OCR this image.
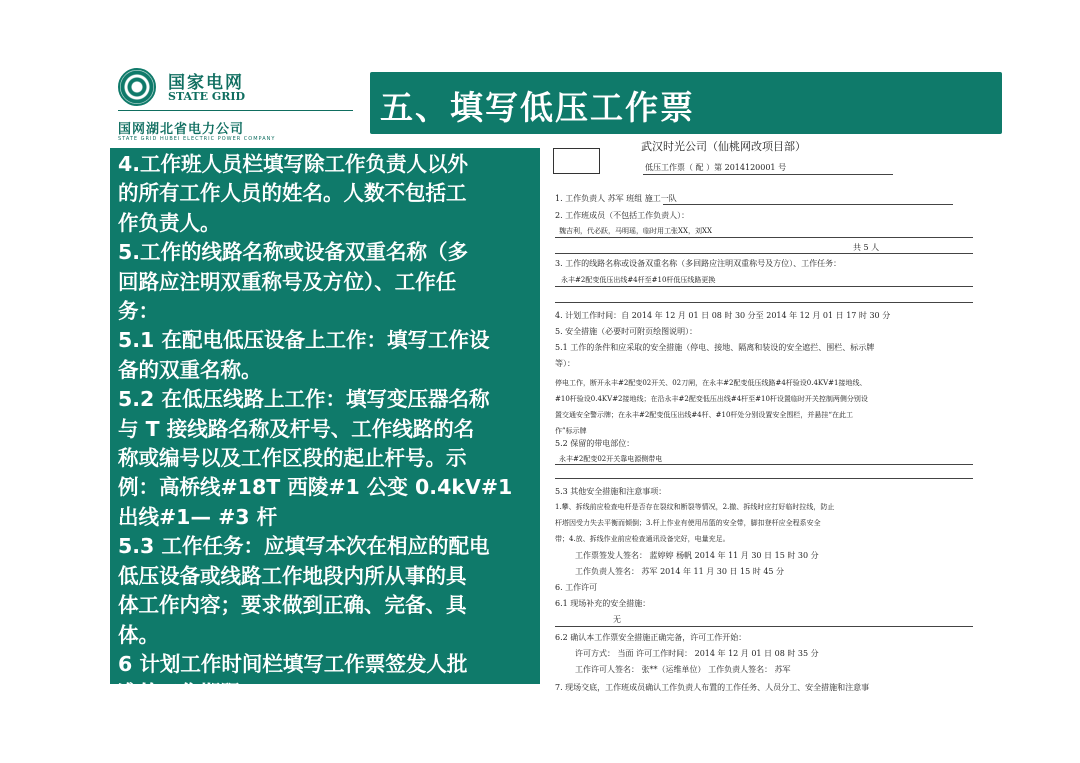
国家电网
STATE GRID
国网湖北省电力公司
STATE GRID HUBEI ELECTRIC POWER COMPANY
五、填写低压工作票
4.工作班人员栏填写除工作负责人以外
的所有工作人员的姓名。人数不包括工
作负责人。
5.工作的线路名称或设备双重名称（多
回路应注明双重称号及方位）、工作任
务：
5.1 在配电低压设备上工作：填写工作设
备的双重名称。
5.2 在低压线路上工作：填写变压器名称
与 T 接线路名称及杆号、工作线路的名
称或编号以及工作区段的起止杆号。示
例：高桥线#18T 西陵#1 公变 0.4kV#1
出线#1— #3 杆
5.3 工作任务：应填写本次在相应的配电
低压设备或线路工作地段内所从事的具
体工作内容；要求做到正确、完备、具
体。
6 计划工作时间栏填写工作票签发人批
准的工作期限。
武汉时光公司（仙桃网改项目部）
低压工作票（ 配 ）第 2014120001 号
1. 工作负责人 苏军 班组 施工一队
2. 工作班成员（不包括工作负责人）：
魏吉利，代必跃，马明瑶，临时用工张XX，刘XX
共 5 人
3. 工作的线路名称或设备双重名称（多回路应注明双重称号及方位）、工作任务：
永丰#2配变低压出线#4杆至#10杆低压线路更换
4. 计划工作时间：自 2014 年 12 月 01 日 08 时 30 分至 2014 年 12 月 01 日 17 时 30 分
5. 安全措施（必要时可附页绘图说明）：
5.1 工作的条件和应采取的安全措施（停电、接地、隔离和装设的安全遮拦、围栏、标示牌
等）：
停电工作，断开永丰#2配变02开关、02刀闸，在永丰#2配变低压线路#4杆验设0.4KV#1接地线、
#10杆验设0.4KV#2接地线；在沿永丰#2配变低压出线#4杆至#10杆设置临时开关控制两侧分别设
置交通安全警示牌；在永丰#2配变低压出线#4杆、#10杆处分别设置安全围栏，并悬挂“在此工
作”标示牌
5.2 保留的带电部位：
永丰#2配变02开关靠电源侧带电
5.3 其他安全措施和注意事项：
1.攀、拆线前应检查电杆是否存在裂纹和断裂等情况，2.撤、拆线时应打好临时拉线，防止
杆塔因受力失去平衡而倾倒；3.杆上作业有使用吊篮的安全带，脚扣登杆应全程系安全
带；4.放、拆线作业前应检查通讯设备完好，电量充足。
工作票签发人签名： 蓝婷婷 杨帆 2014 年 11 月 30 日 15 时 30 分
工作负责人签名： 苏军 2014 年 11 月 30 日 15 时 45 分
6. 工作许可
6.1 现场补充的安全措施：
无
6.2 确认本工作票安全措施正确完备，许可工作开始：
许可方式： 当面 许可工作时间： 2014 年 12 月 01 日 08 时 35 分
工作许可人签名： 张**（运维单位） 工作负责人签名： 苏军
7. 现场交底，工作班成员确认工作负责人布置的工作任务、人员分工、安全措施和注意事
